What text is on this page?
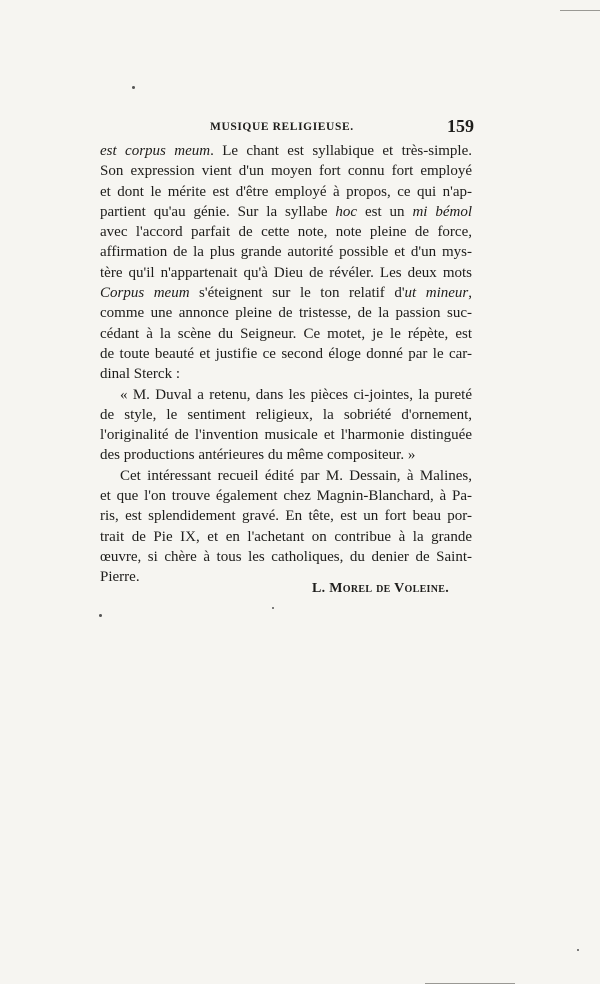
MUSIQUE RELIGIEUSE.	159
est corpus meum. Le chant est syllabique et très-simple.
Son expression vient d'un moyen fort connu fort employé
et dont le mérite est d'être employé à propos, ce qui n'ap-
partient qu'au génie. Sur la syllabe hoc est un mi bémol
avec l'accord parfait de cette note, note pleine de force,
affirmation de la plus grande autorité possible et d'un mys-
tère qu'il n'appartenait qu'à Dieu de révéler. Les deux mots
Corpus meum s'éteignent sur le ton relatif d'ut mineur,
comme une annonce pleine de tristesse, de la passion suc-
cédant à la scène du Seigneur. Ce motet, je le répète, est
de toute beauté et justifie ce second éloge donné par le car-
dinal Sterck :
« M. Duval a retenu, dans les pièces ci-jointes, la pureté
de style, le sentiment religieux, la sobriété d'ornement,
l'originalité de l'invention musicale et l'harmonie distinguée
des productions antérieures du même compositeur. »
Cet intéressant recueil édité par M. Dessain, à Malines,
et que l'on trouve également chez Magnin-Blanchard, à Pa-
ris, est splendidement gravé. En tête, est un fort beau por-
trait de Pie IX, et en l'achetant on contribue à la grande
œuvre, si chère à tous les catholiques, du denier de Saint-
Pierre.
L. Morel de Voleine.
